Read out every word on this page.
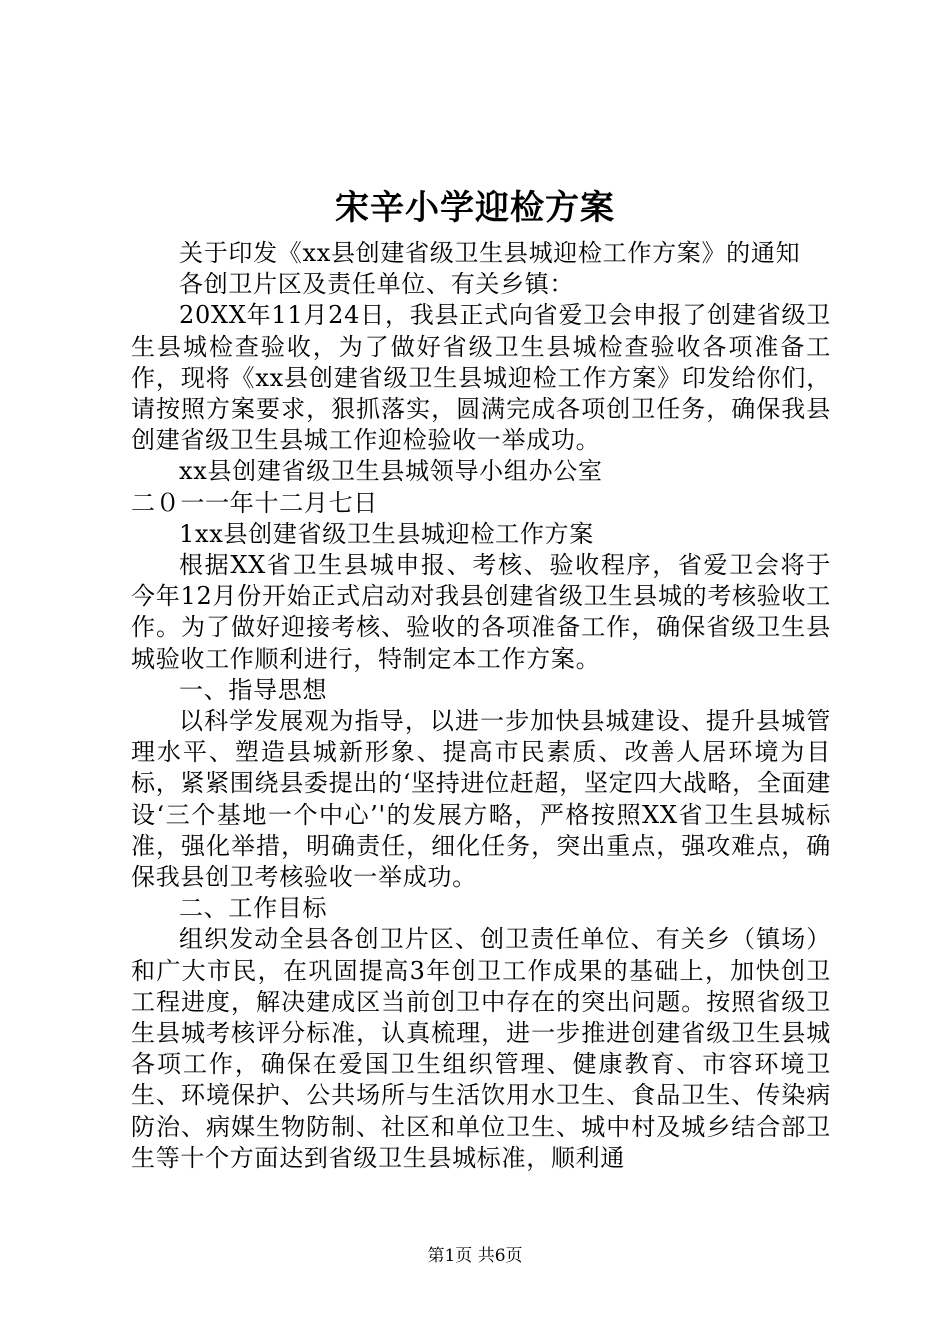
宋辛小学迎检方案

关于印发《xx县创建省级卫生县城迎检工作方案》的通知

各创卫片区及责任单位、有关乡镇：

20XX年11月24日，我县正式向省爱卫会申报了创建省级卫生县城检查验收，为了做好省级卫生县城检查验收各项准备工作，现将《xx县创建省级卫生县城迎检工作方案》印发给你们，请按照方案要求，狠抓落实，圆满完成各项创卫任务，确保我县创建省级卫生县城工作迎检验收一举成功。

xx县创建省级卫生县城领导小组办公室

二０一一年十二月七日

1xx县创建省级卫生县城迎检工作方案

根据XX省卫生县城申报、考核、验收程序，省爱卫会将于今年12月份开始正式启动对我县创建省级卫生县城的考核验收工作。为了做好迎接考核、验收的各项准备工作，确保省级卫生县城验收工作顺利进行，特制定本工作方案。

一、指导思想

以科学发展观为指导，以进一步加快县城建设、提升县城管理水平、塑造县城新形象、提高市民素质、改善人居环境为目标，紧紧围绕县委提出的‘坚持进位赶超，坚定四大战略，全面建设‘三个基地一个中心’'的发展方略，严格按照XX省卫生县城标准，强化举措，明确责任，细化任务，突出重点，强攻难点，确保我县创卫考核验收一举成功。

二、工作目标

组织发动全县各创卫片区、创卫责任单位、有关乡（镇场）和广大市民，在巩固提高3年创卫工作成果的基础上，加快创卫工程进度，解决建成区当前创卫中存在的突出问题。按照省级卫生县城考核评分标准，认真梳理，进一步推进创建省级卫生县城各项工作，确保在爱国卫生组织管理、健康教育、市容环境卫生、环境保护、公共场所与生活饮用水卫生、食品卫生、传染病防治、病媒生物防制、社区和单位卫生、城中村及城乡结合部卫生等十个方面达到省级卫生县城标准，顺利通

第1页 共6页
